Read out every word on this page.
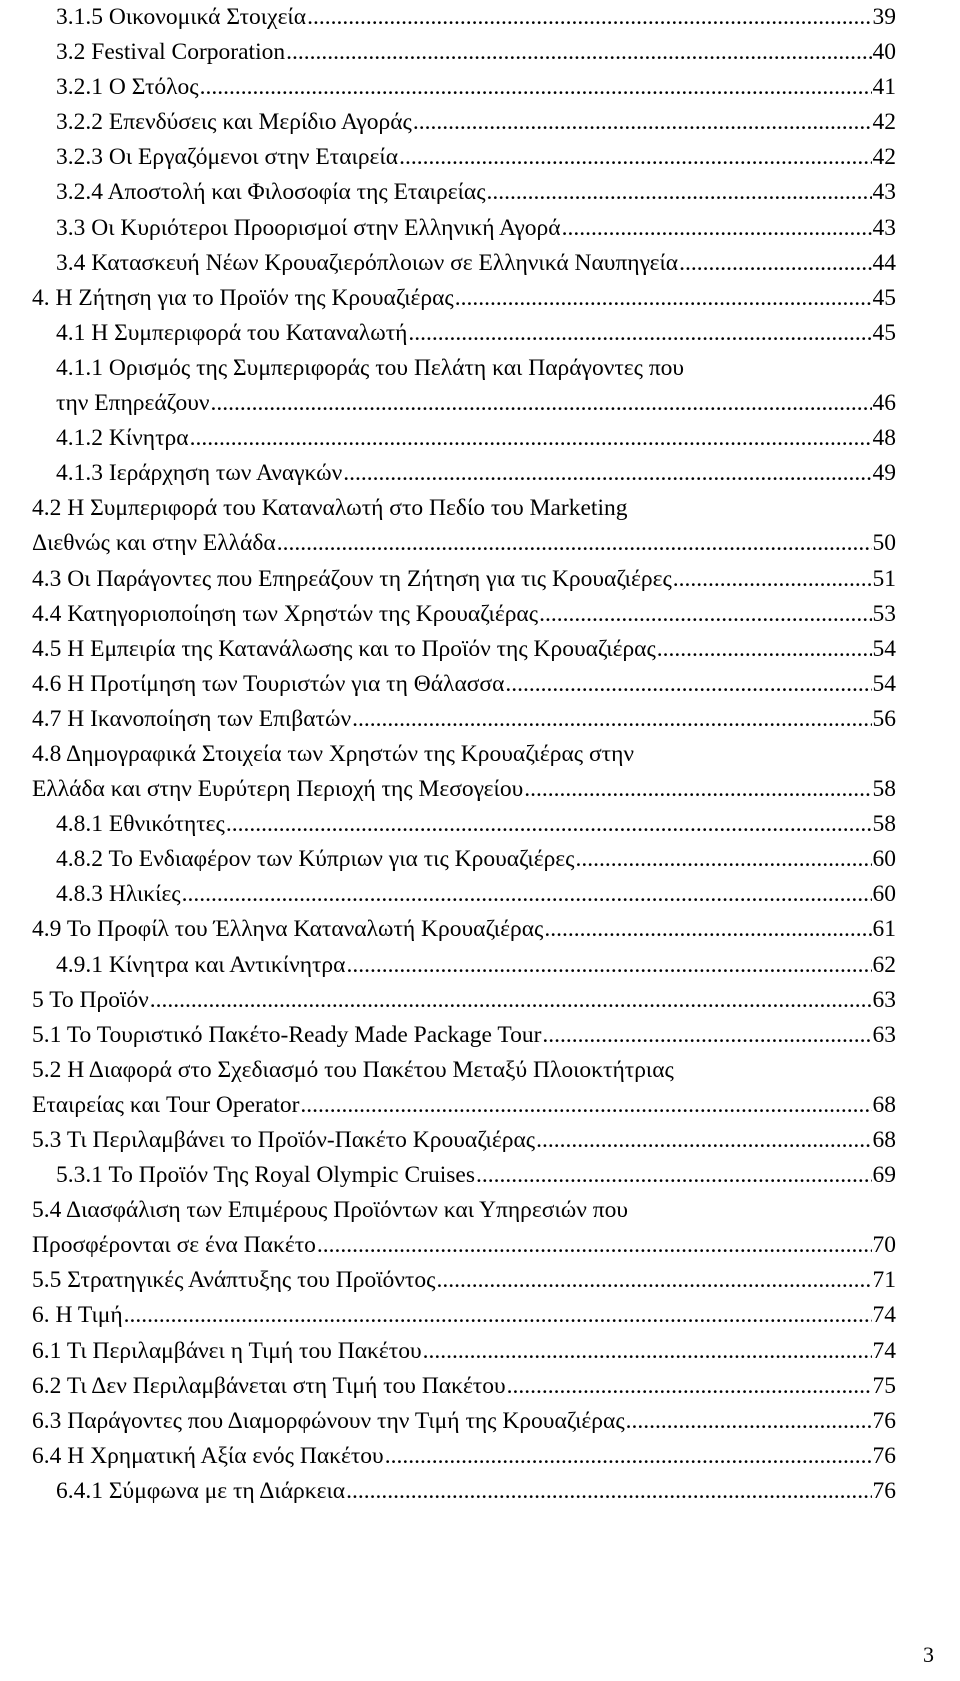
3.1.5 Οικονομικά Στοιχεία .....	39
3.2 Festival Corporation .....	40
3.2.1 Ο Στόλος .....	41
3.2.2 Επενδύσεις και Μερίδιο Αγοράς .....	42
3.2.3 Οι Εργαζόμενοι στην Εταιρεία .....	42
3.2.4 Αποστολή και Φιλοσοφία της Εταιρείας .....	43
3.3 Οι Κυριότεροι Προορισμοί στην Ελληνική Αγορά .....	43
3.4 Κατασκευή Νέων Κρουαζιερόπλοιων σε Ελληνικά Ναυπηγεία .....	44
4. Η Ζήτηση για το Προϊόν της Κρουαζιέρας .....	45
4.1 Η Συμπεριφορά του Καταναλωτή .....	45
4.1.1 Ορισμός της Συμπεριφοράς του Πελάτη και Παράγοντες που
την Επηρεάζουν .....	46
4.1.2 Κίνητρα .....	48
4.1.3 Ιεράρχηση των Αναγκών .....	49
4.2 Η Συμπεριφορά του Καταναλωτή στο Πεδίο του Marketing
Διεθνώς και στην Ελλάδα .....	50
4.3 Οι Παράγοντες που Επηρεάζουν τη Ζήτηση για τις Κρουαζιέρες .....	51
4.4 Κατηγοριοποίηση των Χρηστών της Κρουαζιέρας .....	53
4.5 Η Εμπειρία της Κατανάλωσης και το Προϊόν της Κρουαζιέρας .....	54
4.6 Η Προτίμηση των Τουριστών για τη Θάλασσα .....	54
4.7 Η Ικανοποίηση των Επιβατών .....	56
4.8 Δημογραφικά Στοιχεία των Χρηστών της Κρουαζιέρας στην
Ελλάδα και στην Ευρύτερη Περιοχή της Μεσογείου .....	58
4.8.1 Εθνικότητες .....	58
4.8.2 Το Ενδιαφέρον των Κύπριων για τις Κρουαζιέρες .....	60
4.8.3 Ηλικίες .....	60
4.9 Το Προφίλ του Έλληνα Καταναλωτή Κρουαζιέρας .....	61
4.9.1 Κίνητρα και Αντικίνητρα .....	62
5 Το Προϊόν .....	63
5.1 Το Τουριστικό Πακέτο-Ready Made Package Tour .....	63
5.2 Η Διαφορά στο Σχεδιασμό του Πακέτου Μεταξύ Πλοιοκτήτριας
Εταιρείας και Tour Operator .....	68
5.3 Τι Περιλαμβάνει το Προϊόν-Πακέτο Κρουαζιέρας .....	68
5.3.1 Το Προϊόν Της Royal Olympic Cruises .....	69
5.4 Διασφάλιση των Επιμέρους Προϊόντων και Υπηρεσιών που
Προσφέρονται σε ένα Πακέτο .....	70
5.5 Στρατηγικές Ανάπτυξης του Προϊόντος .....	71
6. Η Τιμή .....	74
6.1 Τι Περιλαμβάνει η Τιμή του Πακέτου .....	74
6.2 Τι Δεν Περιλαμβάνεται στη Τιμή του Πακέτου .....	75
6.3 Παράγοντες που Διαμορφώνουν την Τιμή της Κρουαζιέρας .....	76
6.4 Η Χρηματική Αξία ενός Πακέτου .....	76
6.4.1 Σύμφωνα με τη Διάρκεια .....	76
3
